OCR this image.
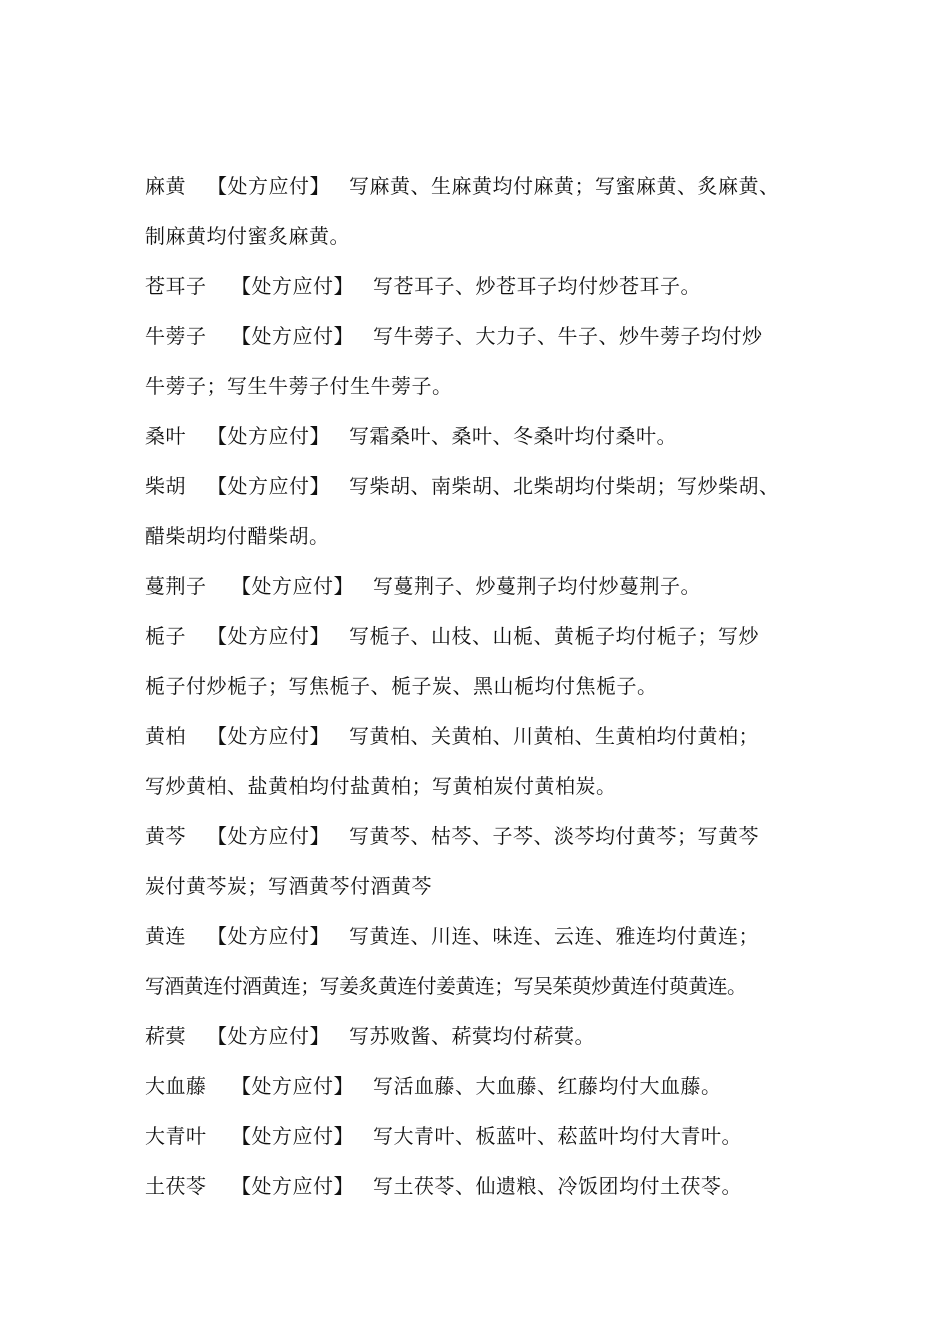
麻黄 【处方应付】 写麻黄、生麻黄均付麻黄；写蜜麻黄、炙麻黄、
制麻黄均付蜜炙麻黄。
苍耳子 【处方应付】 写苍耳子、炒苍耳子均付炒苍耳子。
牛蒡子 【处方应付】 写牛蒡子、大力子、牛子、炒牛蒡子均付炒
牛蒡子；写生牛蒡子付生牛蒡子。
桑叶 【处方应付】 写霜桑叶、桑叶、冬桑叶均付桑叶。
柴胡 【处方应付】 写柴胡、南柴胡、北柴胡均付柴胡；写炒柴胡、
醋柴胡均付醋柴胡。
蔓荆子 【处方应付】 写蔓荆子、炒蔓荆子均付炒蔓荆子。
栀子 【处方应付】 写栀子、山枝、山栀、黄栀子均付栀子；写炒
栀子付炒栀子；写焦栀子、栀子炭、黑山栀均付焦栀子。
黄柏 【处方应付】 写黄柏、关黄柏、川黄柏、生黄柏均付黄柏；
写炒黄柏、盐黄柏均付盐黄柏；写黄柏炭付黄柏炭。
黄芩 【处方应付】 写黄芩、枯芩、子芩、淡芩均付黄芩；写黄芩
炭付黄芩炭；写酒黄芩付酒黄芩
黄连 【处方应付】 写黄连、川连、味连、云连、雅连均付黄连；
写酒黄连付酒黄连；写姜炙黄连付姜黄连；写吴茱萸炒黄连付萸黄连。
菥蓂 【处方应付】 写苏败酱、菥蓂均付菥蓂。
大血藤 【处方应付】 写活血藤、大血藤、红藤均付大血藤。
大青叶 【处方应付】 写大青叶、板蓝叶、菘蓝叶均付大青叶。
土茯苓 【处方应付】 写土茯苓、仙遗粮、冷饭团均付土茯苓。
